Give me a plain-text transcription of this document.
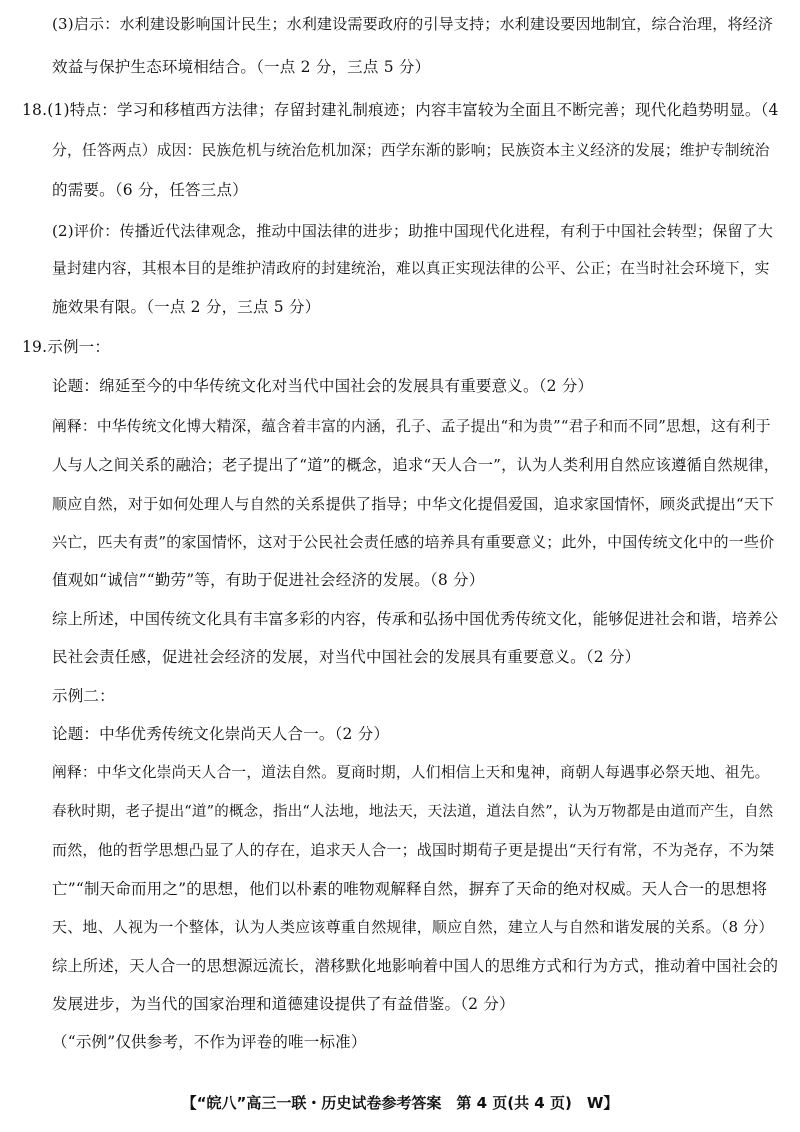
(3)启示：水利建设影响国计民生；水利建设需要政府的引导支持；水利建设要因地制宜，综合治理，将经济
效益与保护生态环境相结合。（一点 2 分，三点 5 分）
18.(1)特点：学习和移植西方法律；存留封建礼制痕迹；内容丰富较为全面且不断完善；现代化趋势明显。（4
分，任答两点）成因：民族危机与统治危机加深；西学东渐的影响；民族资本主义经济的发展；维护专制统治
的需要。（6 分，任答三点）
(2)评价：传播近代法律观念，推动中国法律的进步；助推中国现代化进程，有利于中国社会转型；保留了大
量封建内容，其根本目的是维护清政府的封建统治，难以真正实现法律的公平、公正；在当时社会环境下，实
施效果有限。（一点 2 分，三点 5 分）
19.示例一：
论题：绵延至今的中华传统文化对当代中国社会的发展具有重要意义。（2 分）
阐释：中华传统文化博大精深，蕴含着丰富的内涵，孔子、孟子提出“和为贵”“君子和而不同”思想，这有利于
人与人之间关系的融洽；老子提出了“道”的概念，追求“天人合一”，认为人类利用自然应该遵循自然规律，
顺应自然，对于如何处理人与自然的关系提供了指导；中华文化提倡爱国，追求家国情怀，顾炎武提出“天下
兴亡，匹夫有责”的家国情怀，这对于公民社会责任感的培养具有重要意义；此外，中国传统文化中的一些价
值观如“诚信”“勤劳”等，有助于促进社会经济的发展。（8 分）
综上所述，中国传统文化具有丰富多彩的内容，传承和弘扬中国优秀传统文化，能够促进社会和谐，培养公
民社会责任感，促进社会经济的发展，对当代中国社会的发展具有重要意义。（2 分）
示例二：
论题：中华优秀传统文化崇尚天人合一。（2 分）
阐释：中华文化崇尚天人合一，道法自然。夏商时期，人们相信上天和鬼神，商朝人每遇事必祭天地、祖先。
春秋时期，老子提出“道”的概念，指出“人法地，地法天，天法道，道法自然”，认为万物都是由道而产生，自然
而然，他的哲学思想凸显了人的存在，追求天人合一；战国时期荀子更是提出“天行有常，不为尧存，不为桀
亡”“制天命而用之”的思想，他们以朴素的唯物观解释自然，摒弃了天命的绝对权威。天人合一的思想将
天、地、人视为一个整体，认为人类应该尊重自然规律，顺应自然，建立人与自然和谐发展的关系。（8 分）
综上所述，天人合一的思想源远流长，潜移默化地影响着中国人的思维方式和行为方式，推动着中国社会的
发展进步，为当代的国家治理和道德建设提供了有益借鉴。（2 分）
（“示例”仅供参考，不作为评卷的唯一标准）
【“皖八”高三一联・历史试卷参考答案　第 4 页(共 4 页)　W】
